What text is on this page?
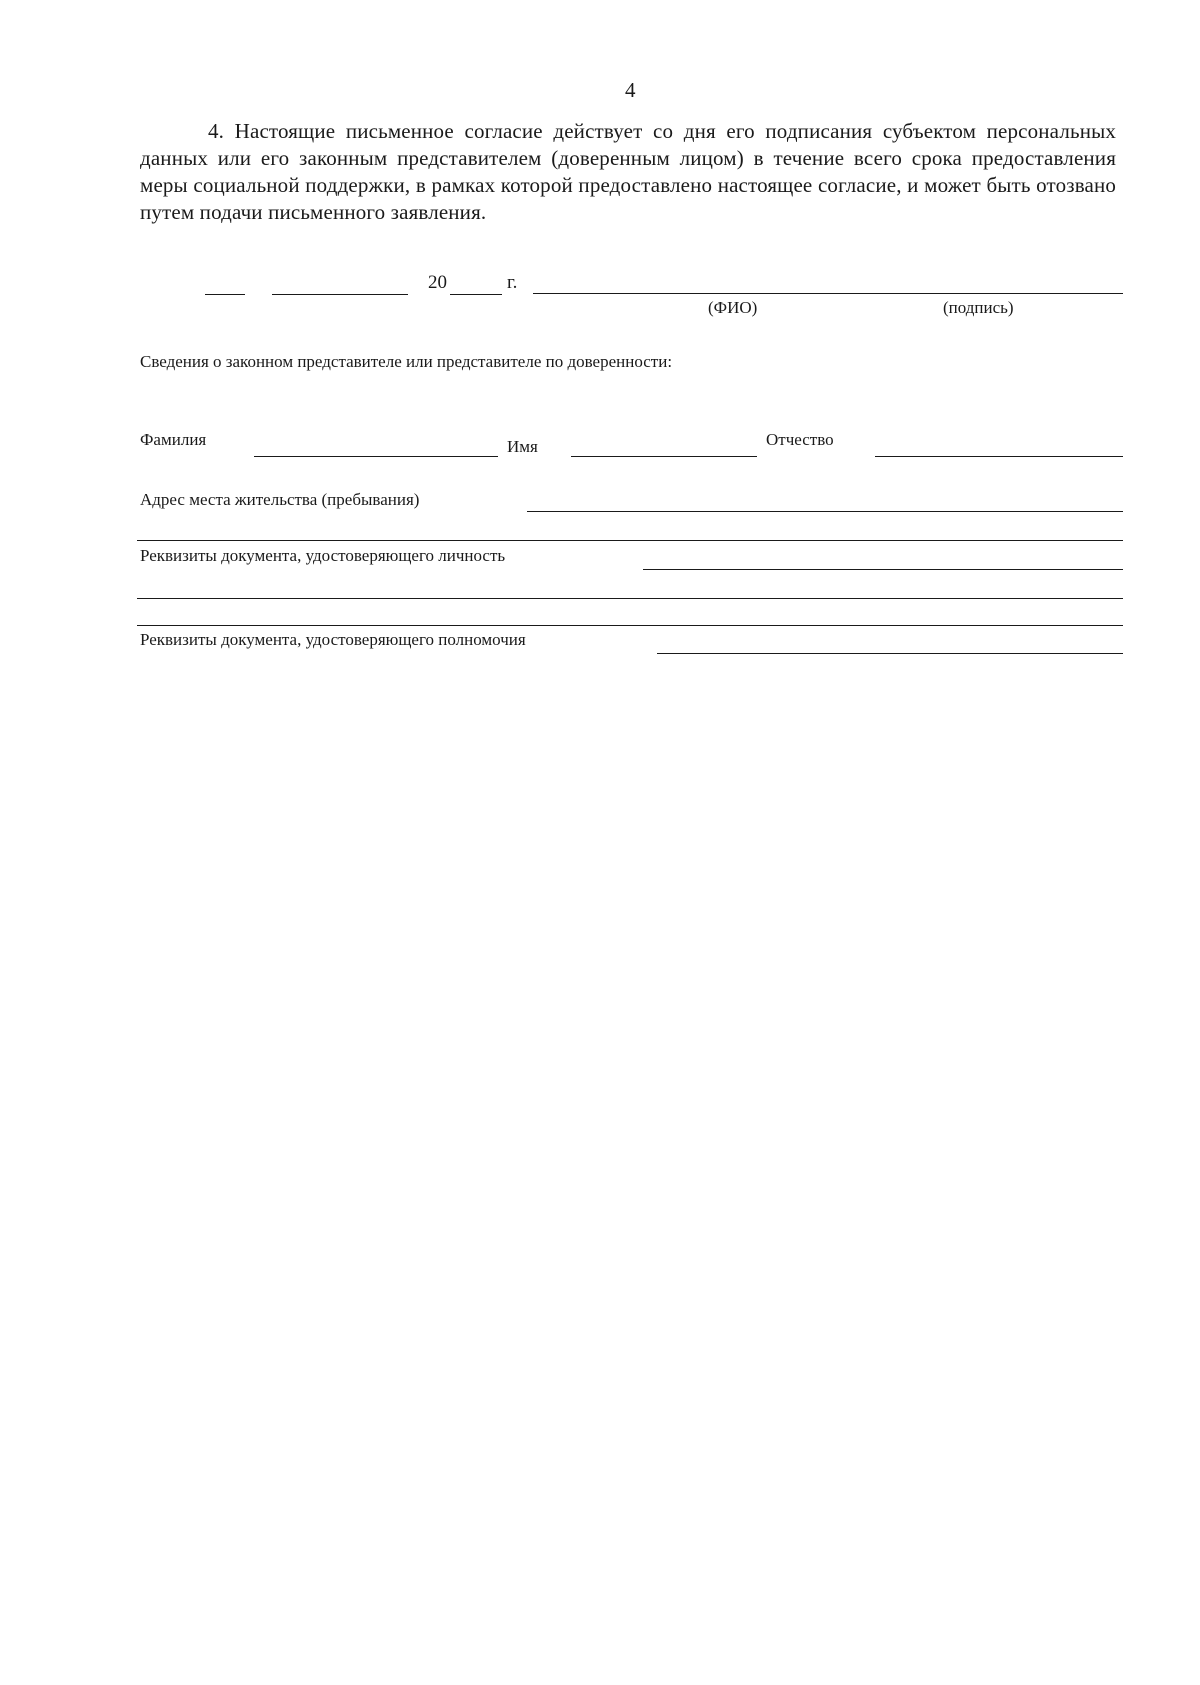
4
4. Настоящие письменное согласие действует со дня его подписания субъектом персональных данных или его законным представителем (доверенным лицом) в течение всего срока предоставления меры социальной поддержки, в рамках которой предоставлено настоящее согласие, и может быть отозвано путем подачи письменного заявления.
20	г.
(ФИО)	(подпись)
Сведения о законном представителе или представителе по доверенности:
Фамилия	Имя	Отчество
Адрес места жительства (пребывания)
Реквизиты документа, удостоверяющего личность
Реквизиты документа, удостоверяющего полномочия
